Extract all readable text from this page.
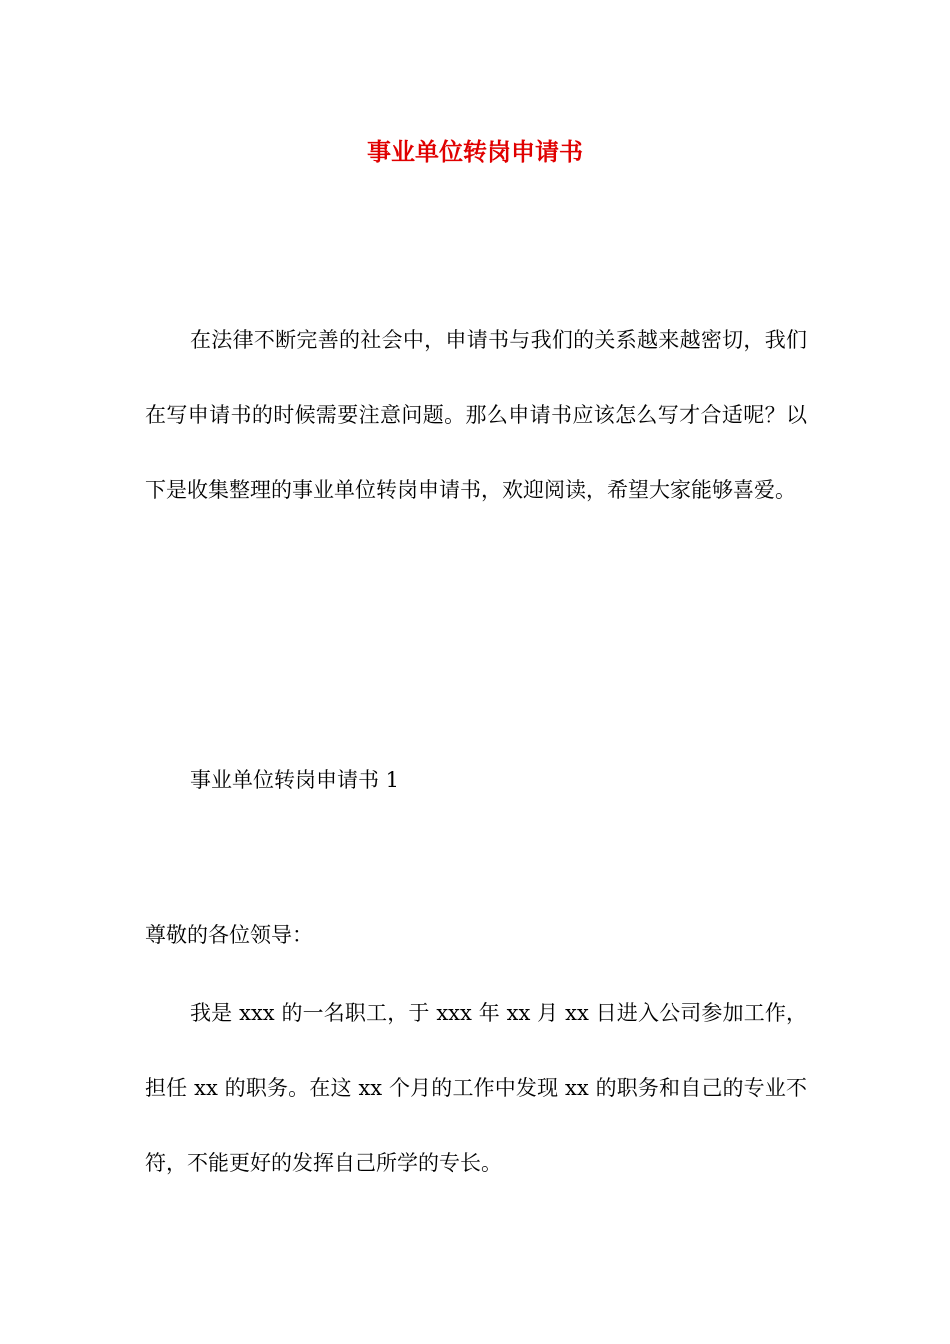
事业单位转岗申请书

在法律不断完善的社会中，申请书与我们的关系越来越密切，我们在写申请书的时候需要注意问题。那么申请书应该怎么写才合适呢？以下是收集整理的事业单位转岗申请书，欢迎阅读，希望大家能够喜爱。

事业单位转岗申请书 1

尊敬的各位领导：

我是 xxx 的一名职工，于 xxx 年 xx 月 xx 日进入公司参加工作，担任 xx 的职务。在这 xx 个月的工作中发现 xx 的职务和自己的专业不符，不能更好的发挥自己所学的专长。
